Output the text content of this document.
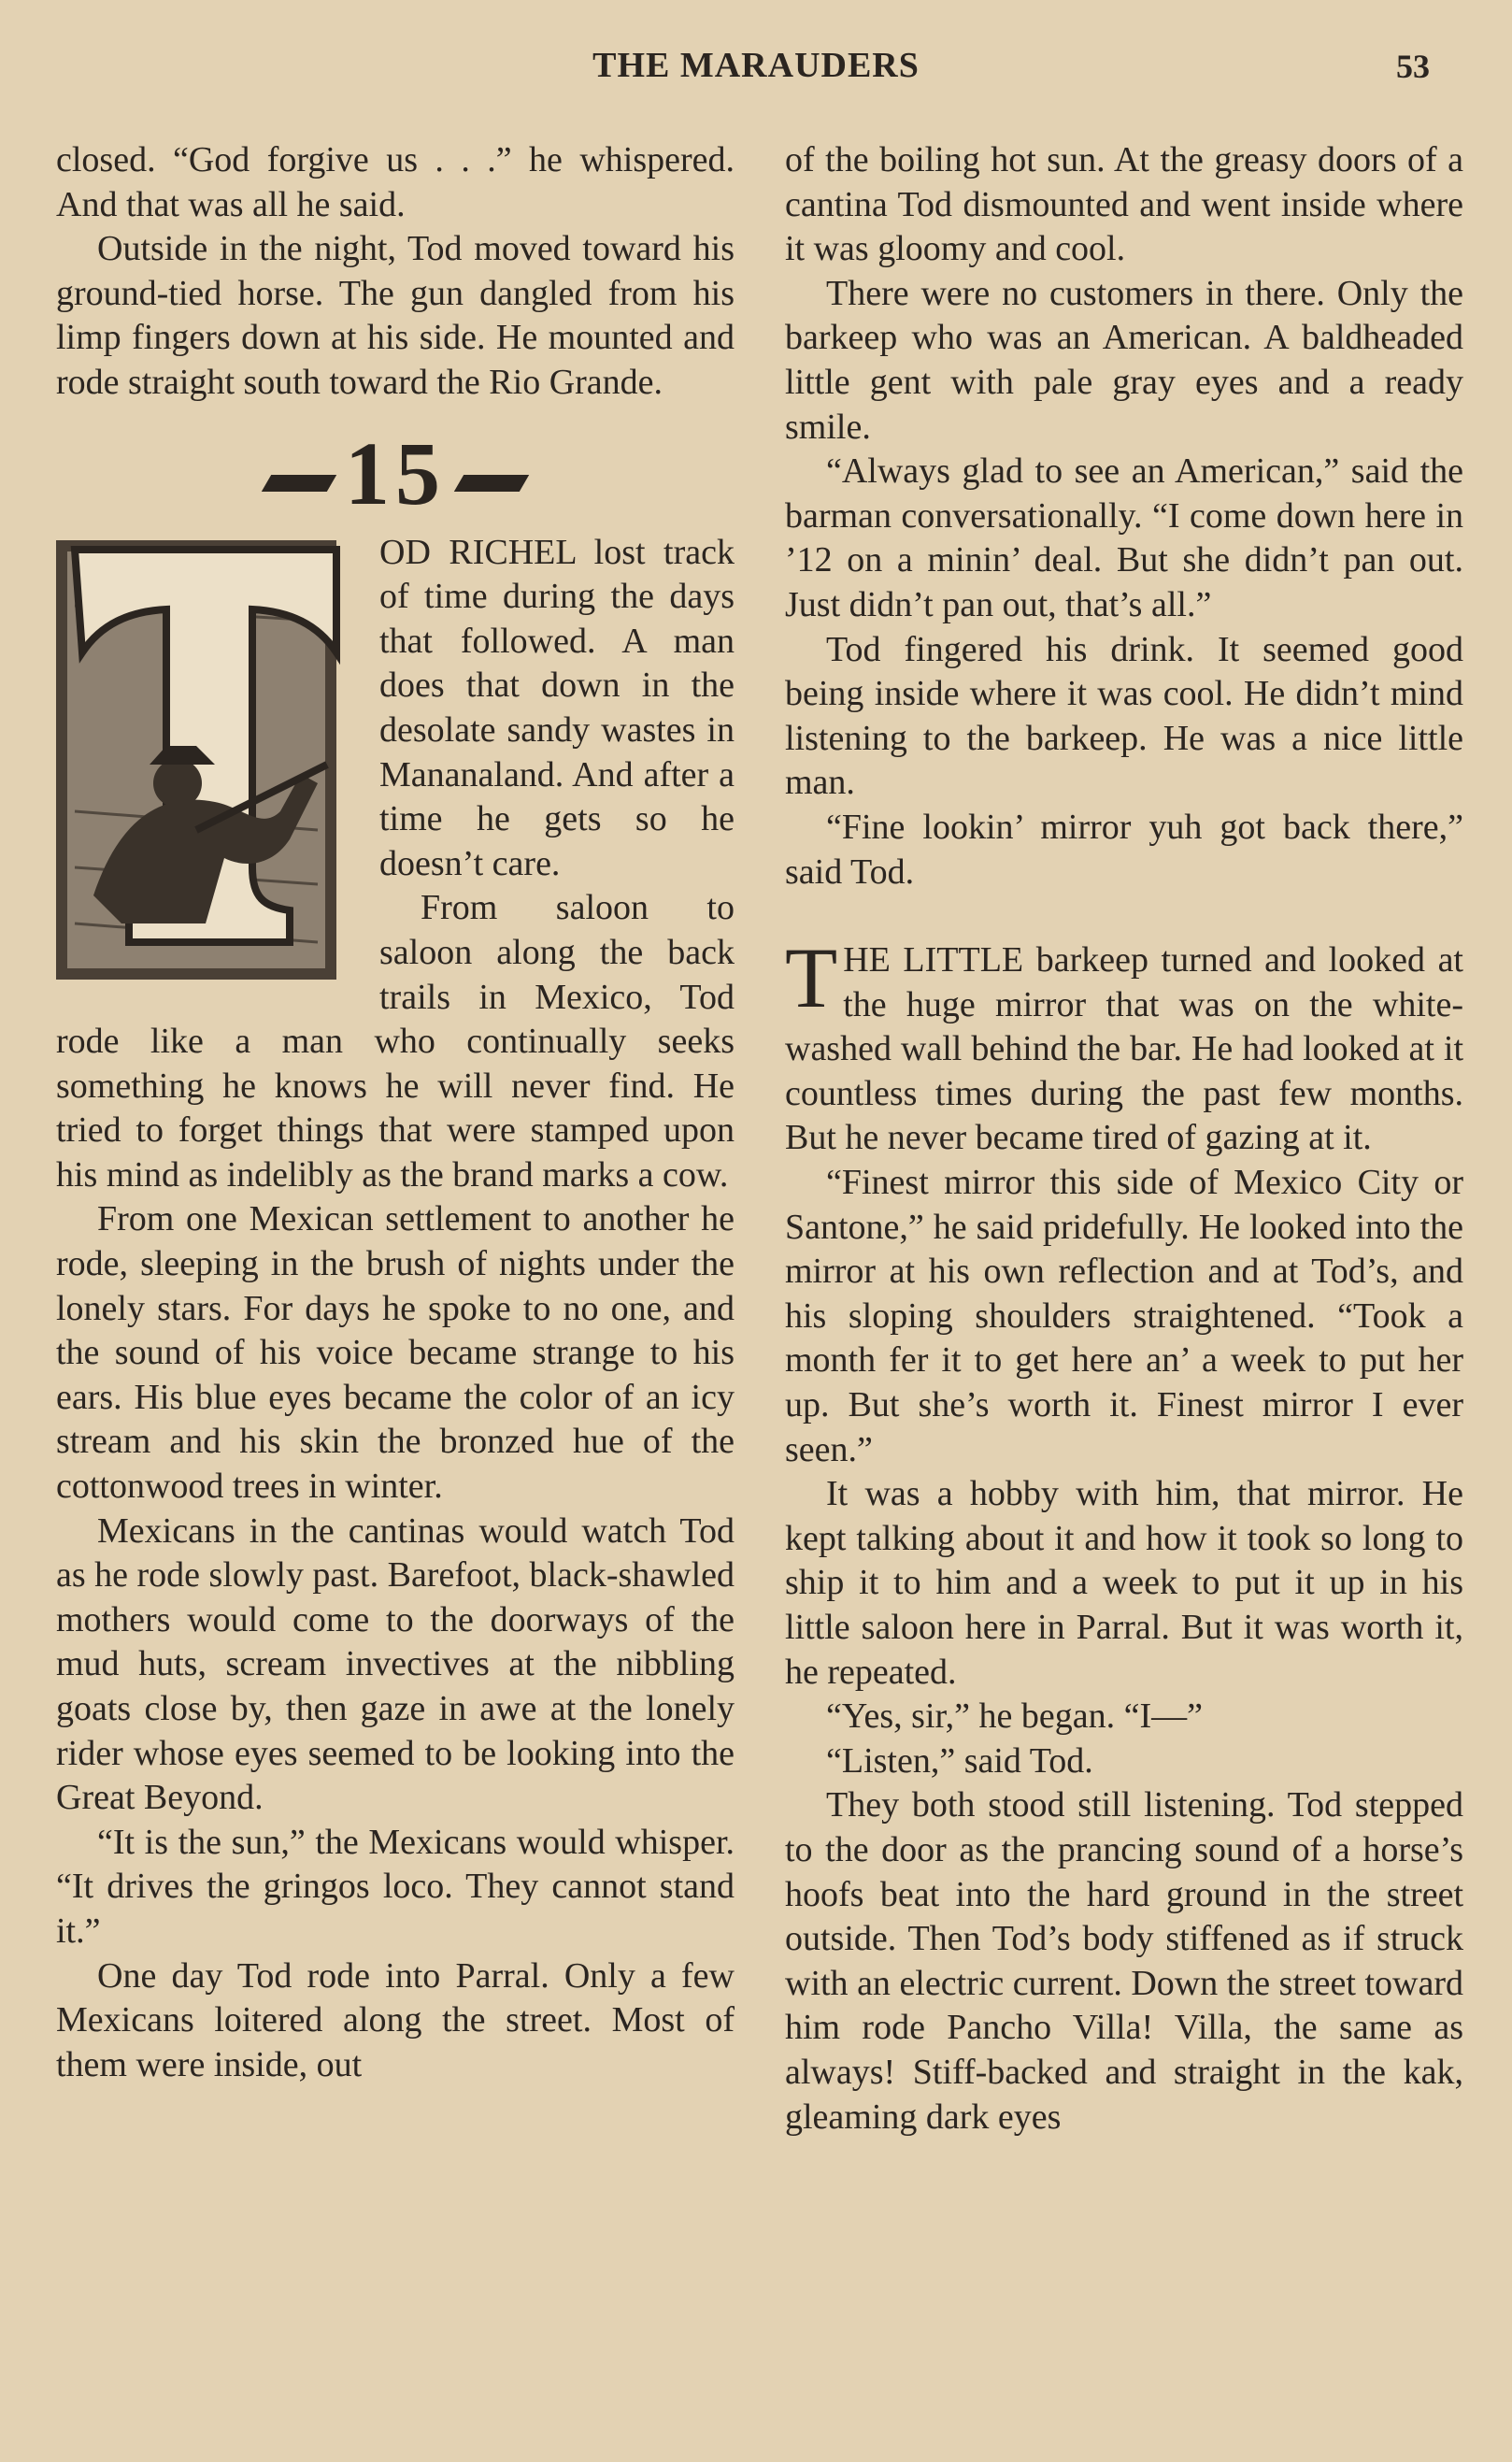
THE MARAUDERS	53

closed. “God forgive us . . .” he whispered. And that was all he said.

Outside in the night, Tod moved toward his ground-tied horse. The gun dangled from his limp fingers down at his side. He mounted and rode straight south toward the Rio Grande.

15

OD RICHEL lost track of time during the days that followed. A man does that down in the desolate sandy wastes in Mananaland. And after a time he gets so he doesn’t care.

From saloon to saloon along the back trails in Mexico, Tod rode like a man who continually seeks something he knows he will never find. He tried to forget things that were stamped upon his mind as indelibly as the brand marks a cow.

From one Mexican settlement to another he rode, sleeping in the brush of nights under the lonely stars. For days he spoke to no one, and the sound of his voice became strange to his ears. His blue eyes became the color of an icy stream and his skin the bronzed hue of the cottonwood trees in winter.

Mexicans in the cantinas would watch Tod as he rode slowly past. Barefoot, black-shawled mothers would come to the doorways of the mud huts, scream invectives at the nibbling goats close by, then gaze in awe at the lonely rider whose eyes seemed to be looking into the Great Beyond.

“It is the sun,” the Mexicans would whisper. “It drives the gringos loco. They cannot stand it.”

One day Tod rode into Parral. Only a few Mexicans loitered along the street. Most of them were inside, out

of the boiling hot sun. At the greasy doors of a cantina Tod dismounted and went inside where it was gloomy and cool.

There were no customers in there. Only the barkeep who was an American. A baldheaded little gent with pale gray eyes and a ready smile.

“Always glad to see an American,” said the barman conversationally. “I come down here in ’12 on a minin’ deal. But she didn’t pan out. Just didn’t pan out, that’s all.”

Tod fingered his drink. It seemed good being inside where it was cool. He didn’t mind listening to the barkeep. He was a nice little man.

“Fine lookin’ mirror yuh got back there,” said Tod.

THE LITTLE barkeep turned and looked at the huge mirror that was on the white-washed wall behind the bar. He had looked at it countless times during the past few months. But he never became tired of gazing at it.

“Finest mirror this side of Mexico City or Santone,” he said pridefully. He looked into the mirror at his own reflection and at Tod’s, and his sloping shoulders straightened. “Took a month fer it to get here an’ a week to put her up. But she’s worth it. Finest mirror I ever seen.”

It was a hobby with him, that mirror. He kept talking about it and how it took so long to ship it to him and a week to put it up in his little saloon here in Parral. But it was worth it, he repeated.

“Yes, sir,” he began. “I—”

“Listen,” said Tod.

They both stood still listening. Tod stepped to the door as the prancing sound of a horse’s hoofs beat into the hard ground in the street outside. Then Tod’s body stiffened as if struck with an electric current. Down the street toward him rode Pancho Villa! Villa, the same as always! Stiff-backed and straight in the kak, gleaming dark eyes
